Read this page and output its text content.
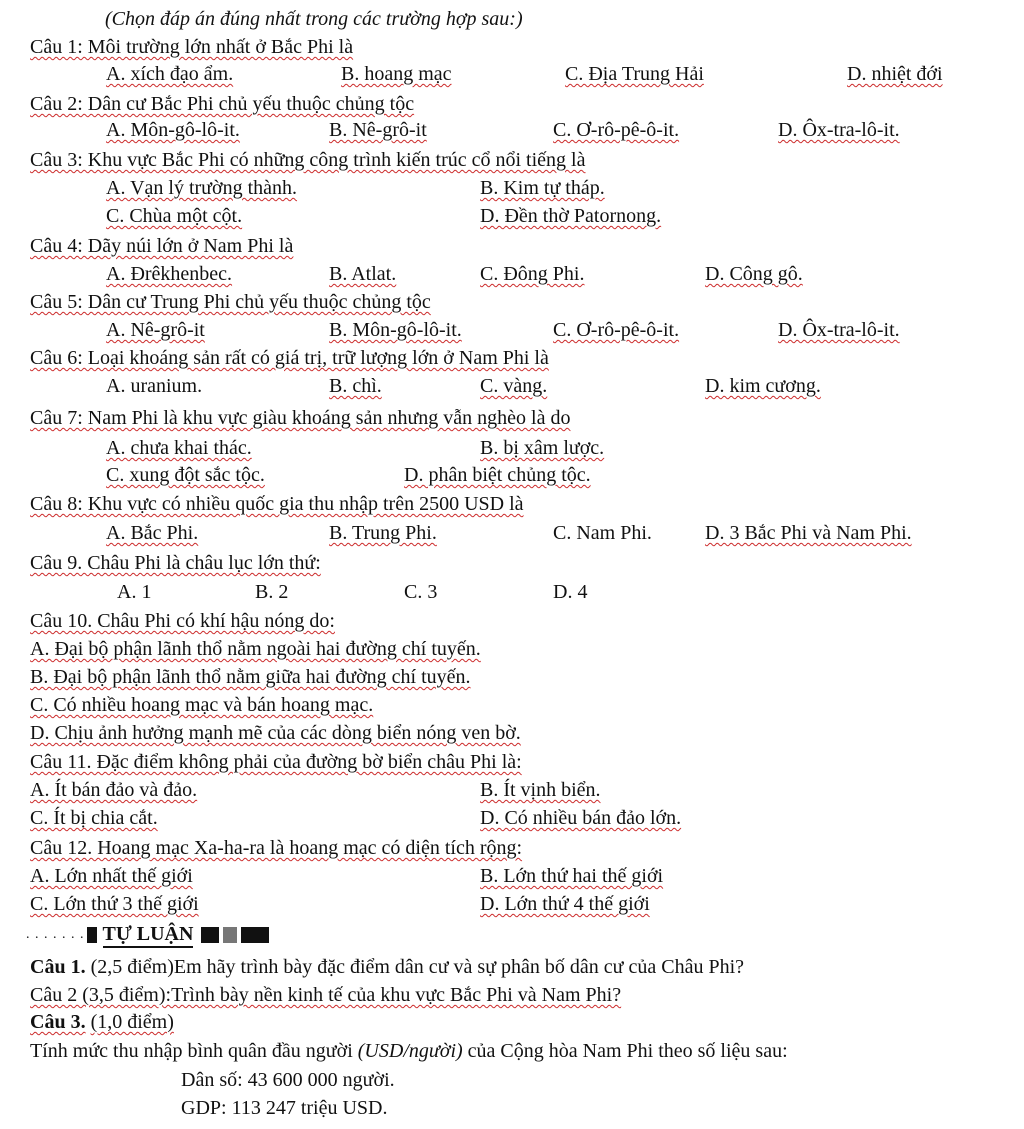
(Chọn đáp án đúng nhất trong các trường hợp sau:)
Câu 1: Môi trường lớn nhất ở Bắc Phi là
A. xích đạo ẩm.	B. hoang mạc	C. Địa Trung Hải	D. nhiệt đới
Câu 2: Dân cư Bắc Phi chủ yếu thuộc chủng tộc
A. Môn-gô-lô-it.	B. Nê-grô-it	C. Ơ-rô-pê-ô-it.	D. Ôx-tra-lô-it.
Câu 3: Khu vực Bắc Phi có những công trình kiến trúc cổ nổi tiếng là
A. Vạn lý trường thành.	B. Kim tự tháp.
C. Chùa một cột.	D. Đền thờ Patornong.
Câu 4: Dãy núi lớn ở Nam Phi là
A. Đrêkhenbec.	B. Atlat.	C. Đông Phi.	D. Công gô.
Câu 5: Dân cư Trung Phi chủ yếu thuộc chủng tộc
A. Nê-grô-it	B. Môn-gô-lô-it.	C. Ơ-rô-pê-ô-it.	D. Ôx-tra-lô-it.
Câu 6: Loại khoáng sản rất có giá trị, trữ lượng lớn ở Nam Phi là
A. uranium.	B. chì.	C. vàng.	D. kim cương.
Câu 7: Nam Phi là khu vực giàu khoáng sản nhưng vẫn nghèo là do
A. chưa khai thác.	B. bị xâm lược.
C. xung đột sắc tộc.	D. phân biệt chủng tộc.
Câu 8: Khu vực có nhiều quốc gia thu nhập trên 2500 USD là
A. Bắc Phi.	B. Trung Phi.	C. Nam Phi.	D. 3 Bắc Phi và Nam Phi.
Câu 9. Châu Phi là châu lục lớn thứ:
A. 1	B. 2	C. 3	D. 4
Câu 10. Châu Phi có khí hậu nóng do:
A. Đại bộ phận lãnh thổ nằm ngoài hai đường chí tuyến.
B. Đại bộ phận lãnh thổ nằm giữa hai đường chí tuyến.
C. Có nhiều hoang mạc và bán hoang mạc.
D. Chịu ảnh hưởng mạnh mẽ của các dòng biển nóng ven bờ.
Câu 11. Đặc điểm không phải của đường bờ biển châu Phi là:
A. Ít bán đảo và đảo.	B. Ít vịnh biển.
C. Ít bị chia cắt.	D. Có nhiều bán đảo lớn.
Câu 12. Hoang mạc Xa-ha-ra là hoang mạc có diện tích rộng:
A. Lớn nhất thế giới	B. Lớn thứ hai thế giới
C. Lớn thứ 3 thế giới	D. Lớn thứ 4 thế giới
. . . . . . . TỰ LUẬN
Câu 1. (2,5 điểm)Em hãy trình bày đặc điểm dân cư và sự phân bố dân cư của Châu Phi?
Câu 2 (3,5 điểm):Trình bày nền kinh tế của khu vực Bắc Phi và Nam Phi?
Câu 3. (1,0 điểm)
Tính mức thu nhập bình quân đầu người (USD/người) của Cộng hòa Nam Phi theo số liệu sau:
Dân số: 43 600 000 người.
GDP: 113 247 triệu USD.
